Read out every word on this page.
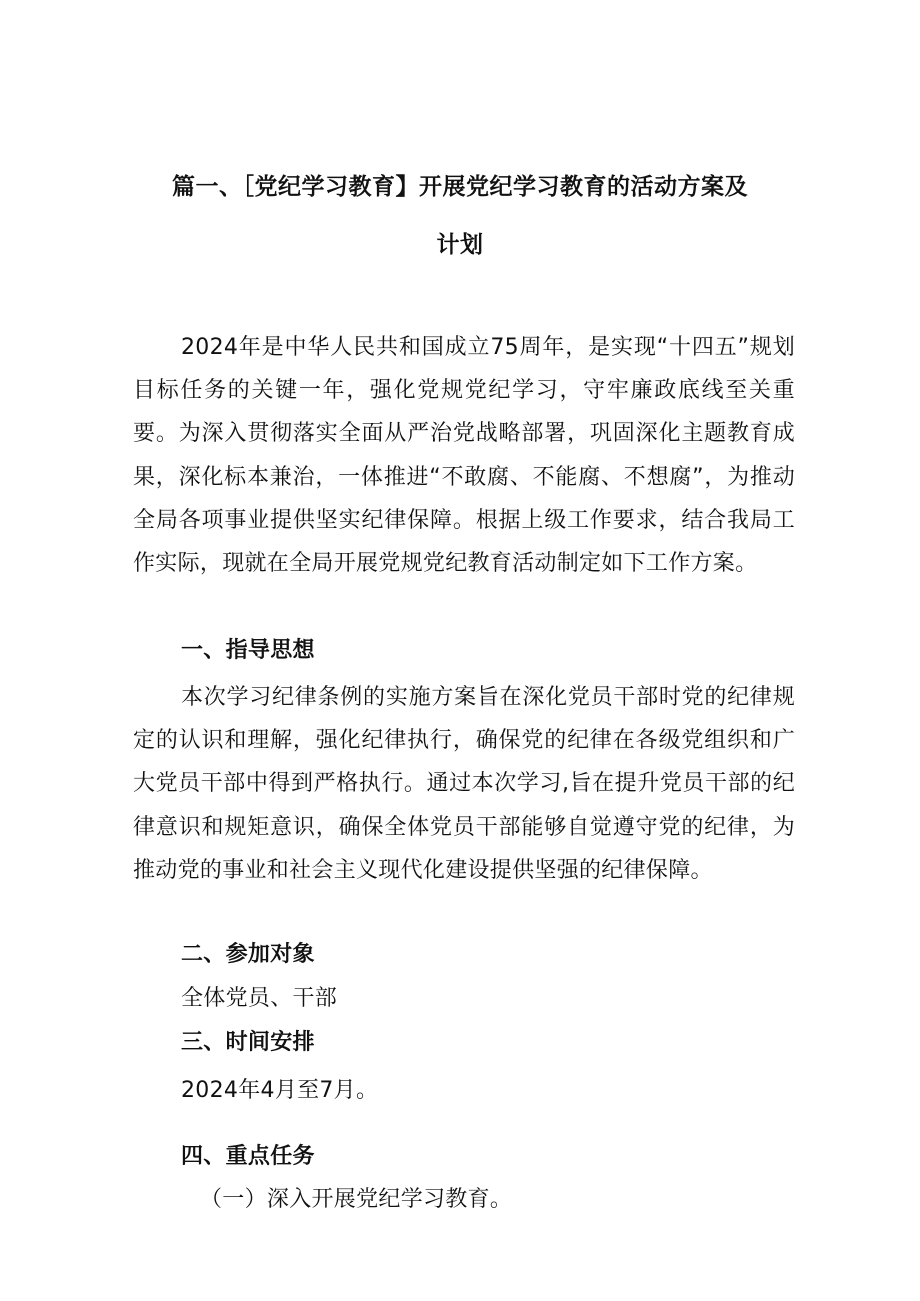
篇一、［党纪学习教育】开展党纪学习教育的活动方案及
计划

2024年是中华人民共和国成立75周年，是实现“十四五”规划目标任务的关键一年，强化党规党纪学习，守牢廉政底线至关重要。为深入贯彻落实全面从严治党战略部署，巩固深化主题教育成果，深化标本兼治，一体推进“不敢腐、不能腐、不想腐”，为推动全局各项事业提供坚实纪律保障。根据上级工作要求，结合我局工作实际，现就在全局开展党规党纪教育活动制定如下工作方案。

一、指导思想

本次学习纪律条例的实施方案旨在深化党员干部时党的纪律规定的认识和理解，强化纪律执行，确保党的纪律在各级党组织和广大党员干部中得到严格执行。通过本次学习,旨在提升党员干部的纪律意识和规矩意识，确保全体党员干部能够自觉遵守党的纪律，为推动党的事业和社会主义现代化建设提供坚强的纪律保障。

二、参加对象
全体党员、干部
三、时间安排
2024年4月至7月。
四、重点任务
（一）深入开展党纪学习教育。
